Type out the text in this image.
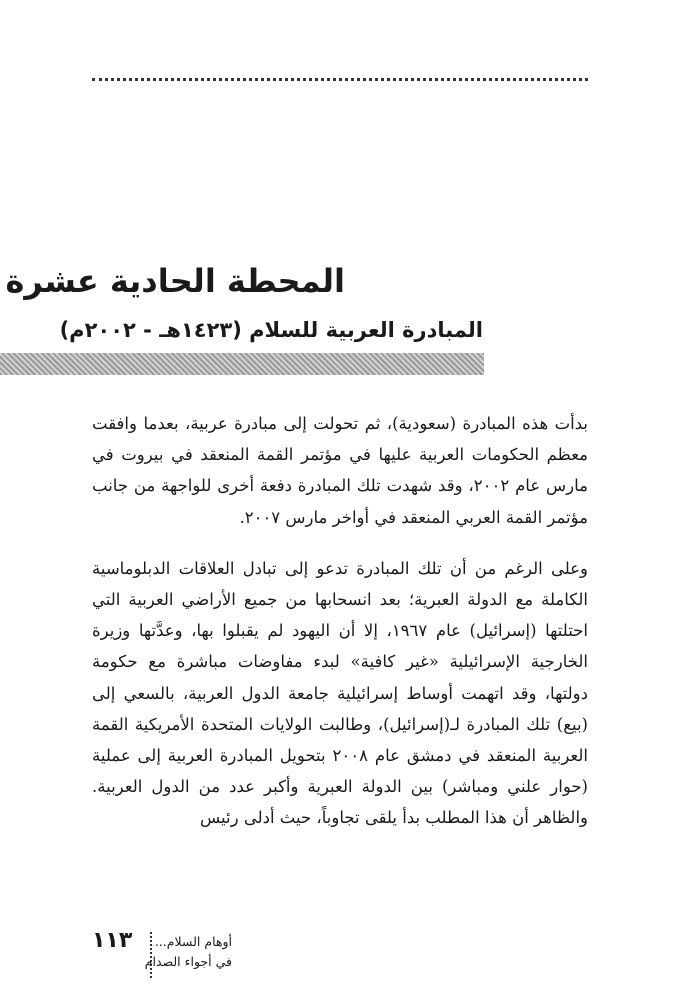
المحطة الحادية عشرة
المبادرة العربية للسلام (١٤٢٣هـ - ٢٠٠٢م)

بدأت هذه المبادرة (سعودية)، ثم تحولت إلى مبادرة عربية، بعدما وافقت معظم الحكومات العربية عليها في مؤتمر القمة المنعقد في بيروت في مارس عام ٢٠٠٢، وقد شهدت تلك المبادرة دفعة أخرى للواجهة من جانب مؤتمر القمة العربي المنعقد في أواخر مارس ٢٠٠٧.

وعلى الرغم من أن تلك المبادرة تدعو إلى تبادل العلاقات الدبلوماسية الكاملة مع الدولة العبرية؛ بعد انسحابها من جميع الأراضي العربية التي احتلتها (إسرائيل) عام ١٩٦٧، إلا أن اليهود لم يقبلوا بها، وعدَّتها وزيرة الخارجية الإسرائيلية «غير كافية» لبدء مفاوضات مباشرة مع حكومة دولتها، وقد اتهمت أوساط إسرائيلية جامعة الدول العربية، بالسعي إلى (بيع) تلك المبادرة لـ(إسرائيل)، وطالبت الولايات المتحدة الأمريكية القمة العربية المنعقد في دمشق عام ٢٠٠٨ بتحويل المبادرة العربية إلى عملية (حوار علني ومباشر) بين الدولة العبرية وأكبر عدد من الدول العربية. والظاهر أن هذا المطلب بدأ يلقى تجاوباً، حيث أدلى رئيس

١١٣ أوهام السلام...
في أجواء الصدام
